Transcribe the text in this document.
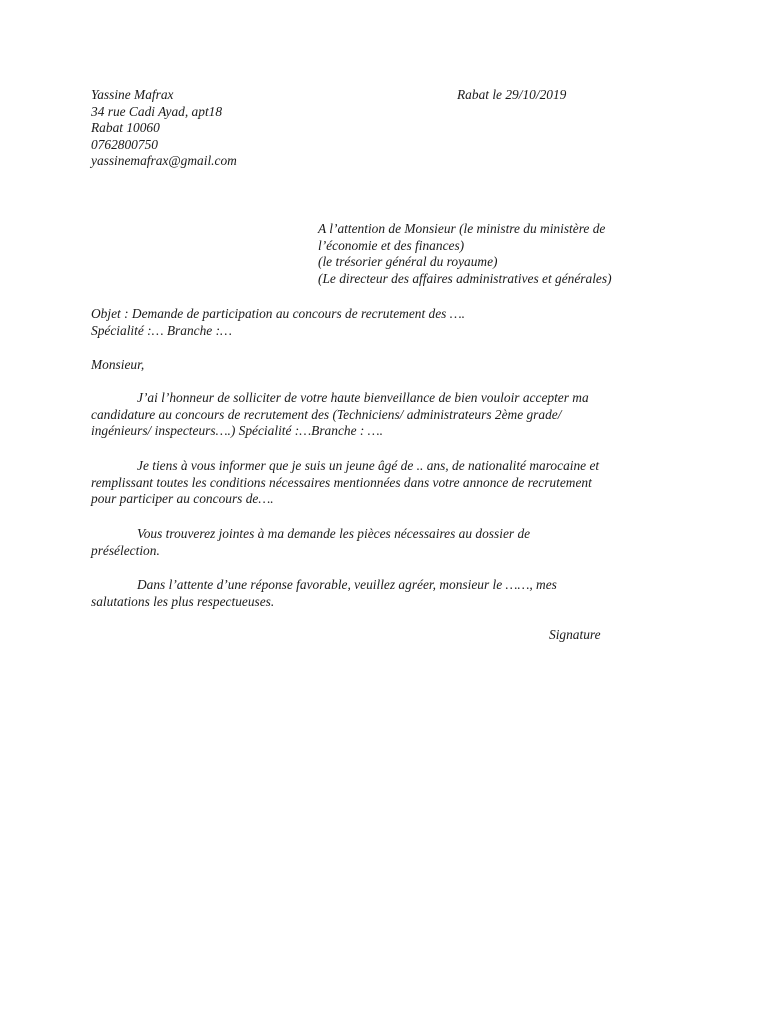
Yassine Mafrax
34 rue Cadi Ayad, apt18
Rabat 10060
0762800750
yassinemafrax@gmail.com
Rabat le 29/10/2019
A l’attention de Monsieur (le ministre du ministère de
l’économie et des finances)
(le trésorier général du royaume)
(Le directeur des affaires administratives et générales)
Objet : Demande de participation au concours de recrutement des ….
Spécialité :… Branche :…
Monsieur,
J’ai l’honneur de solliciter de votre haute bienveillance de bien vouloir accepter ma
candidature au concours de recrutement des (Techniciens/ administrateurs 2ème grade/
ingénieurs/ inspecteurs….) Spécialité :…Branche : ….
Je tiens à vous informer que je suis un jeune âgé de .. ans, de nationalité marocaine et
remplissant toutes les conditions nécessaires mentionnées dans votre annonce de recrutement
pour participer au concours de….
Vous trouverez jointes à ma demande les pièces nécessaires au dossier de
présélection.
Dans l’attente d’une réponse favorable, veuillez agréer, monsieur le ……, mes
salutations les plus respectueuses.
Signature
